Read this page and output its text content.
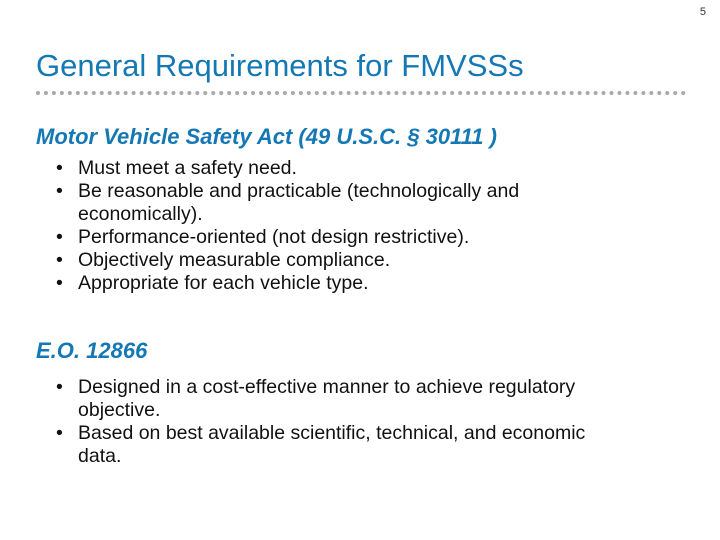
5
General Requirements for FMVSSs
Motor Vehicle Safety Act (49 U.S.C. § 30111 )
• Must meet a safety need.
• Be reasonable and practicable (technologically and economically).
• Performance-oriented (not design restrictive).
• Objectively measurable compliance.
• Appropriate for each vehicle type.
E.O. 12866
• Designed in a cost-effective manner to achieve regulatory objective.
• Based on best available scientific, technical, and economic data.
